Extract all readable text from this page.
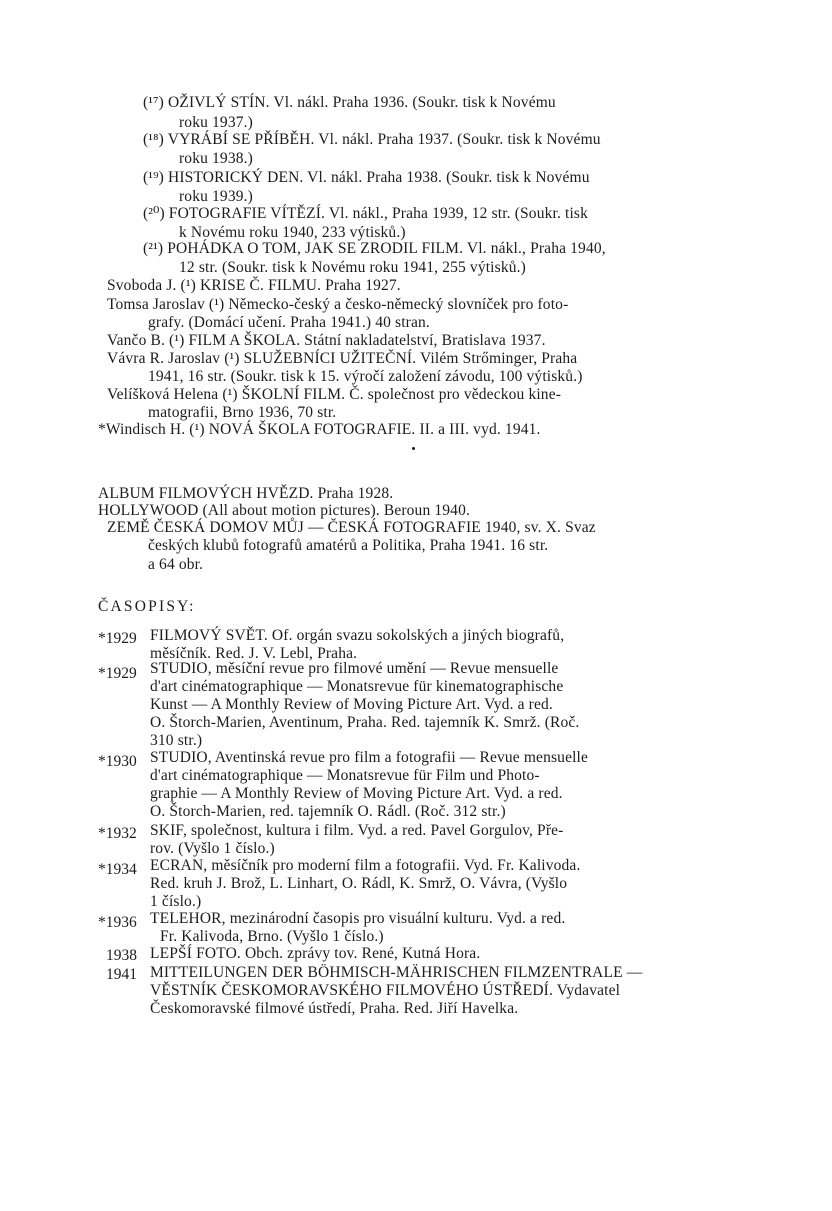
(¹⁷) OŽIVLÝ STÍN. Vl. nákl. Praha 1936. (Soukr. tisk k Novému
roku 1937.)
(¹⁸) VYRÁBÍ SE PŘÍBĚH. Vl. nákl. Praha 1937. (Soukr. tisk k Novému
roku 1938.)
(¹⁹) HISTORICKÝ DEN. Vl. nákl. Praha 1938. (Soukr. tisk k Novému
roku 1939.)
(²⁰) FOTOGRAFIE VÍTĚZÍ. Vl. nákl., Praha 1939, 12 str. (Soukr. tisk
k Novému roku 1940, 233 výtisků.)
(²¹) POHÁDKA O TOM, JAK SE ZRODIL FILM. Vl. nákl., Praha 1940,
12 str. (Soukr. tisk k Novému roku 1941, 255 výtisků.)
Svoboda J. (¹) KRISE Č. FILMU. Praha 1927.
Tomsa Jaroslav (¹) Německo-český a česko-německý slovníček pro foto-
grafy. (Domácí učení. Praha 1941.) 40 stran.
Vančo B. (¹) FILM A ŠKOLA. Státní nakladatelství, Bratislava 1937.
Vávra R. Jaroslav (¹) SLUŽEBNÍCI UŽITEČNÍ. Vilém Strőminger, Praha
1941, 16 str. (Soukr. tisk k 15. výročí založení závodu, 100 výtisků.)
Velíšková Helena (¹) ŠKOLNÍ FILM. Č. společnost pro vědeckou kine-
matografii, Brno 1936, 70 str.
*Windisch H. (¹) NOVÁ ŠKOLA FOTOGRAFIE. II. a III. vyd. 1941.
ALBUM FILMOVÝCH HVĚZD. Praha 1928.
HOLLYWOOD (All about motion pictures). Beroun 1940.
ZEMĚ ČESKÁ DOMOV MŮJ — ČESKÁ FOTOGRAFIE 1940, sv. X. Svaz
českých klubů fotografů amatérů a Politika, Praha 1941. 16 str.
a 64 obr.
ČASOPISY:
*1929 FILMOVÝ SVĚT. Of. orgán svazu sokolských a jiných biografů,
měsíčník. Red. J. V. Lebl, Praha.
*1929 STUDIO, měsíční revue pro filmové umění — Revue mensuelle
d'art cinématographique — Monatsrevue für kinematographische
Kunst — A Monthly Review of Moving Picture Art. Vyd. a red.
O. Štorch-Marien, Aventinum, Praha. Red. tajemník K. Smrž. (Roč.
310 str.)
*1930 STUDIO, Aventinská revue pro film a fotografii — Revue mensuelle
d'art cinématographique — Monatsrevue für Film und Photo-
graphie — A Monthly Review of Moving Picture Art. Vyd. a red.
O. Štorch-Marien, red. tajemník O. Rádl. (Roč. 312 str.)
*1932 SKIF, společnost, kultura i film. Vyd. a red. Pavel Gorgulov, Pře-
rov. (Vyšlo 1 číslo.)
*1934 ECRAN, měsíčník pro moderní film a fotografii. Vyd. Fr. Kalivoda.
Red. kruh J. Brož, L. Linhart, O. Rádl, K. Smrž, O. Vávra, (Vyšlo
1 číslo.)
*1936 TELEHOR, mezinárodní časopis pro visuální kulturu. Vyd. a red.
Fr. Kalivoda, Brno. (Vyšlo 1 číslo.)
1938 LEPŠÍ FOTO. Obch. zprávy tov. René, Kutná Hora.
1941 MITTEILUNGEN DER BÖHMISCH-MÄHRISCHEN FILMZENTRALE —
VĚSTNÍK ČESKOMORAVSKÉHO FILMOVÉHO ÚSTŘEDÍ. Vydavatel
Českomoravské filmové ústředí, Praha. Red. Jiří Havelka.
